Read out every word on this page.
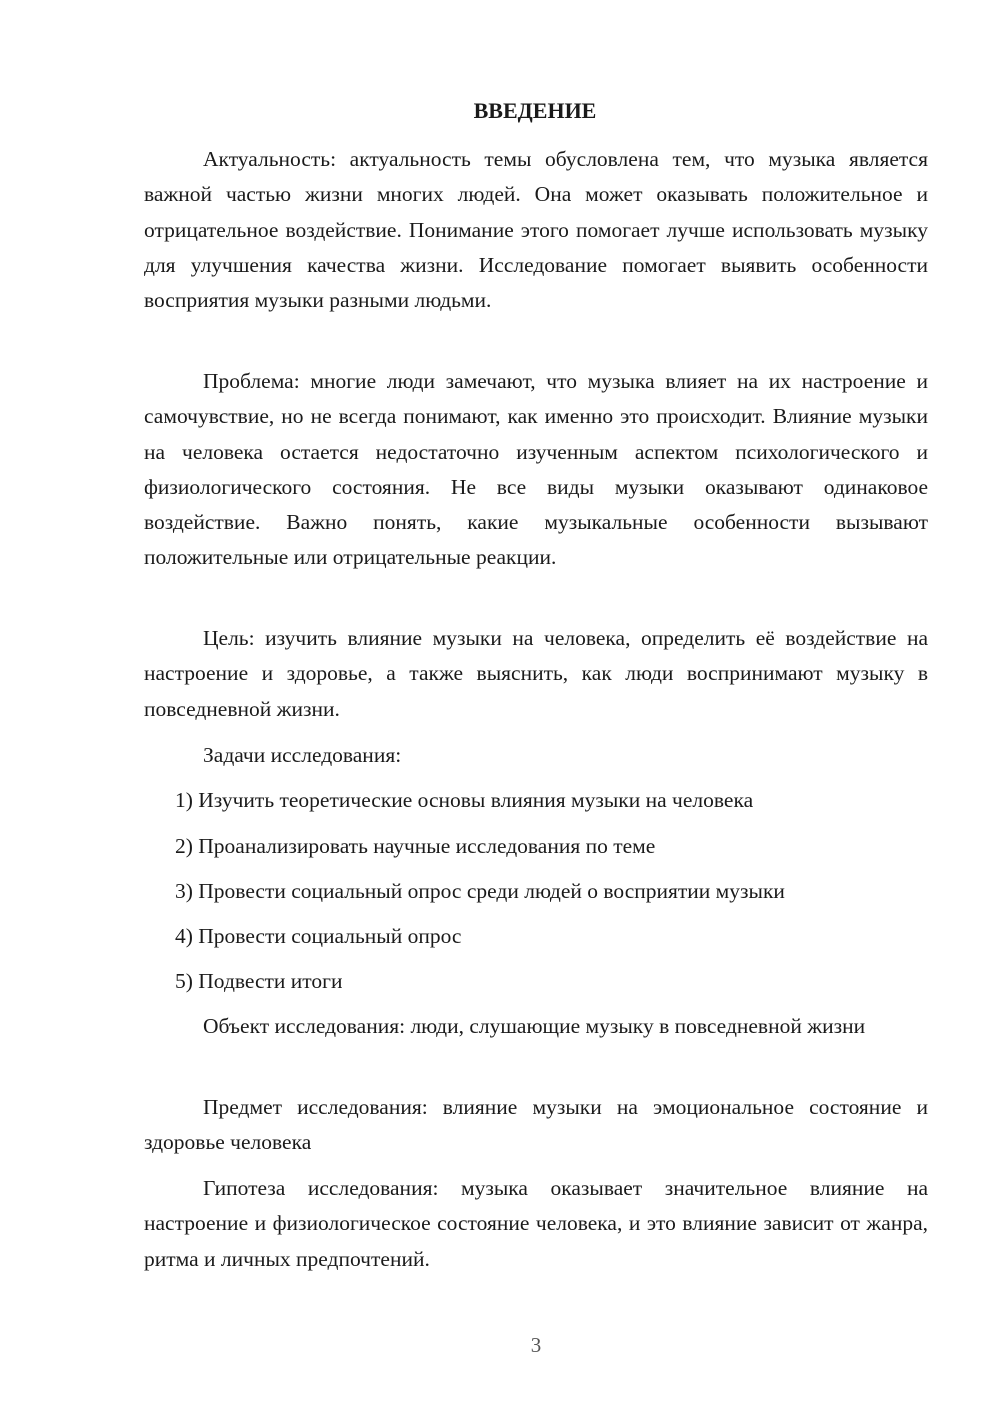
ВВЕДЕНИЕ

Актуальность: актуальность темы обусловлена тем, что музыка является важной частью жизни многих людей. Она может оказывать положительное и отрицательное воздействие. Понимание этого помогает лучше использовать музыку для улучшения качества жизни. Исследование помогает выявить особенности восприятия музыки разными людьми.

Проблема: многие люди замечают, что музыка влияет на их настроение и самочувствие, но не всегда понимают, как именно это происходит. Влияние музыки на человека остается недостаточно изученным аспектом психологического и физиологического состояния. Не все виды музыки оказывают одинаковое воздействие. Важно понять, какие музыкальные особенности вызывают положительные или отрицательные реакции.

Цель: изучить влияние музыки на человека, определить её воздействие на настроение и здоровье, а также выяснить, как люди воспринимают музыку в повседневной жизни.

Задачи исследования:

1) Изучить теоретические основы влияния музыки на человека

2) Проанализировать научные исследования по теме

3) Провести социальный опрос среди людей о восприятии музыки

4) Провести социальный опрос

5) Подвести итоги

Объект исследования: люди, слушающие музыку в повседневной жизни

Предмет исследования: влияние музыки на эмоциональное состояние и здоровье человека

Гипотеза исследования: музыка оказывает значительное влияние на настроение и физиологическое состояние человека, и это влияние зависит от жанра, ритма и личных предпочтений.

3
